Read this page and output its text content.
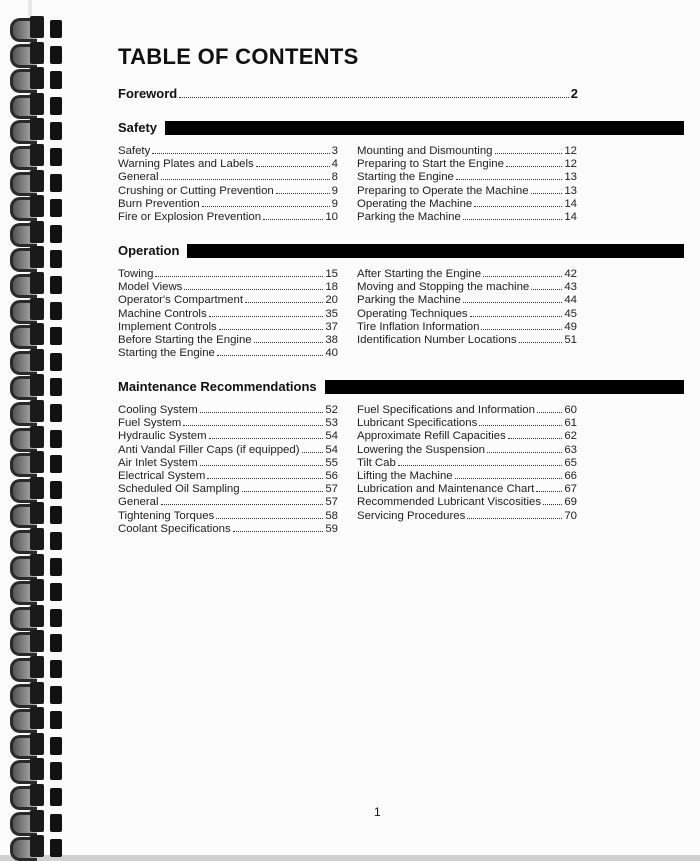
TABLE OF CONTENTS
Foreword	2
Safety
Safety	3
Warning Plates and Labels	4
General	8
Crushing or Cutting Prevention	9
Burn Prevention	9
Fire or Explosion Prevention	10
Mounting and Dismounting	12
Preparing to Start the Engine	12
Starting the Engine	13
Preparing to Operate the Machine	13
Operating the Machine	14
Parking the Machine	14
Operation
Towing	15
Model Views	18
Operator's Compartment	20
Machine Controls	35
Implement Controls	37
Before Starting the Engine	38
Starting the Engine	40
After Starting the Engine	42
Moving and Stopping the machine	43
Parking the Machine	44
Operating Techniques	45
Tire Inflation Information	49
Identification Number Locations	51
Maintenance Recommendations
Cooling System	52
Fuel System	53
Hydraulic System	54
Anti Vandal Filler Caps (if equipped) 54
Air Inlet System	55
Electrical System	56
Scheduled Oil Sampling	57
General	57
Tightening Torques	58
Coolant Specifications	59
Fuel Specifications and Information	60
Lubricant Specifications	61
Approximate Refill Capacities	62
Lowering the Suspension	63
Tilt Cab	65
Lifting the Machine	66
Lubrication and Maintenance Chart	67
Recommended Lubricant Viscosities 69
Servicing Procedures	70
1
